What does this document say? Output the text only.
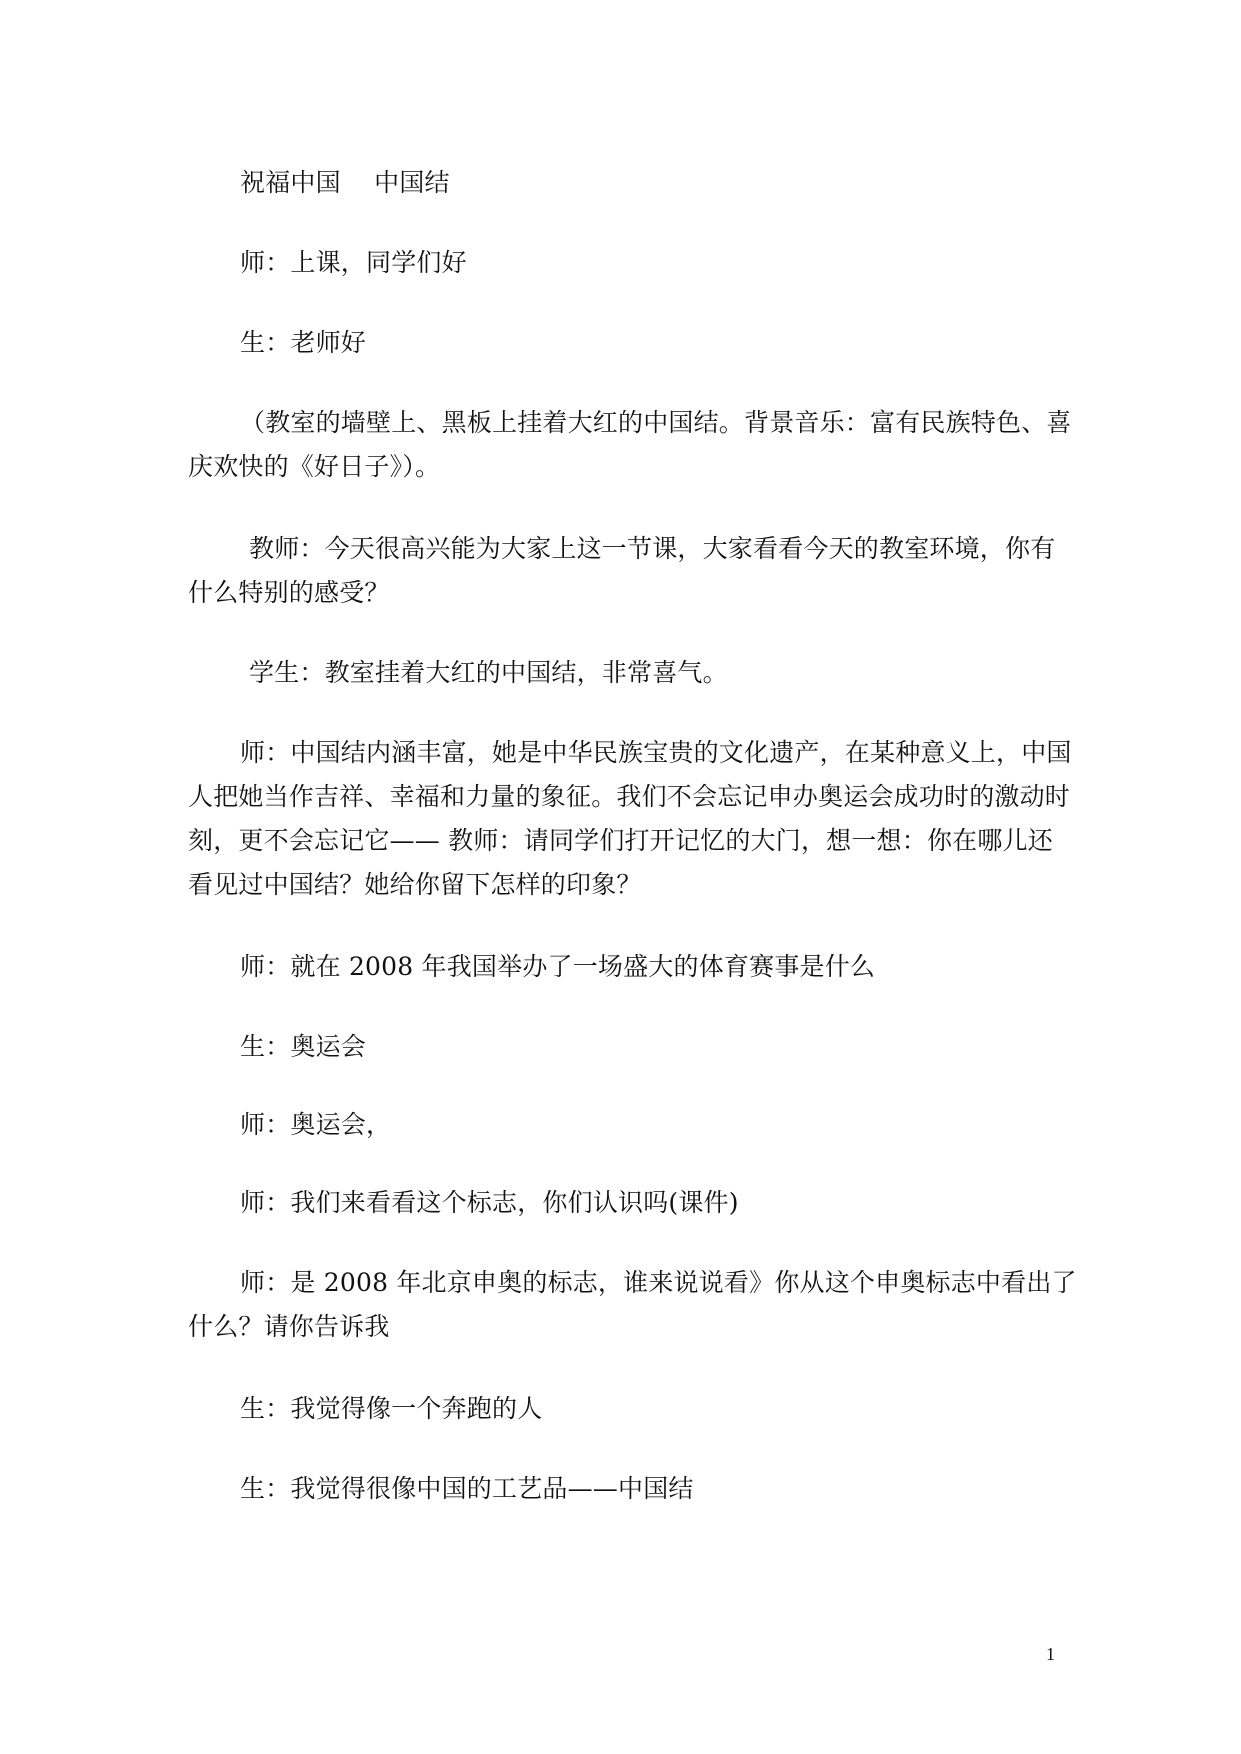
祝福中国　 中国结
师：上课，同学们好
生：老师好
（教室的墙壁上、黑板上挂着大红的中国结。背景音乐：富有民族特色、喜
庆欢快的《好日子》）。
教师：今天很高兴能为大家上这一节课，大家看看今天的教室环境，你有
什么特别的感受？
学生：教室挂着大红的中国结，非常喜气。
师：中国结内涵丰富，她是中华民族宝贵的文化遗产，在某种意义上，中国
人把她当作吉祥、幸福和力量的象征。我们不会忘记申办奥运会成功时的激动时
刻，更不会忘记它—— 教师：请同学们打开记忆的大门，想一想：你在哪儿还
看见过中国结？她给你留下怎样的印象？
师：就在 2008 年我国举办了一场盛大的体育赛事是什么
生：奥运会
师：奥运会，
师：我们来看看这个标志，你们认识吗(课件)
师：是 2008 年北京申奥的标志，谁来说说看》你从这个申奥标志中看出了
什么？请你告诉我
生：我觉得像一个奔跑的人
生：我觉得很像中国的工艺品——中国结
1
